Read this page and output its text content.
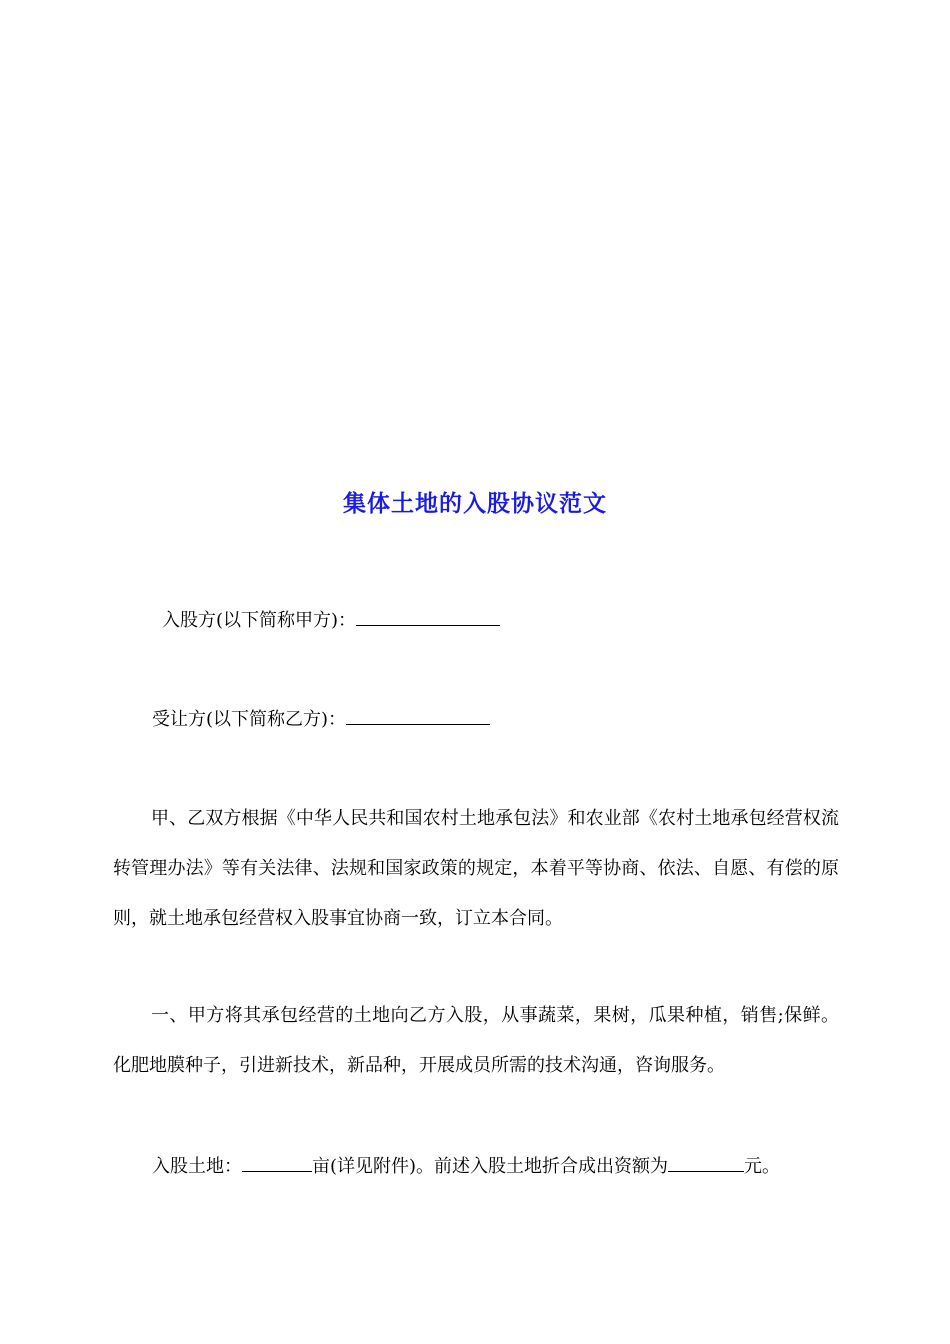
集体土地的入股协议范文
入股方(以下简称甲方)：
受让方(以下简称乙方)：
甲、乙双方根据《中华人民共和国农村土地承包法》和农业部《农村土地承包经营权流转管理办法》等有关法律、法规和国家政策的规定，本着平等协商、依法、自愿、有偿的原则，就土地承包经营权入股事宜协商一致，订立本合同。
一、甲方将其承包经营的土地向乙方入股，从事蔬菜，果树，瓜果种植，销售;保鲜。化肥地膜种子，引进新技术，新品种，开展成员所需的技术沟通，咨询服务。
入股土地：	亩(详见附件)。前述入股土地折合成出资额为	元。
